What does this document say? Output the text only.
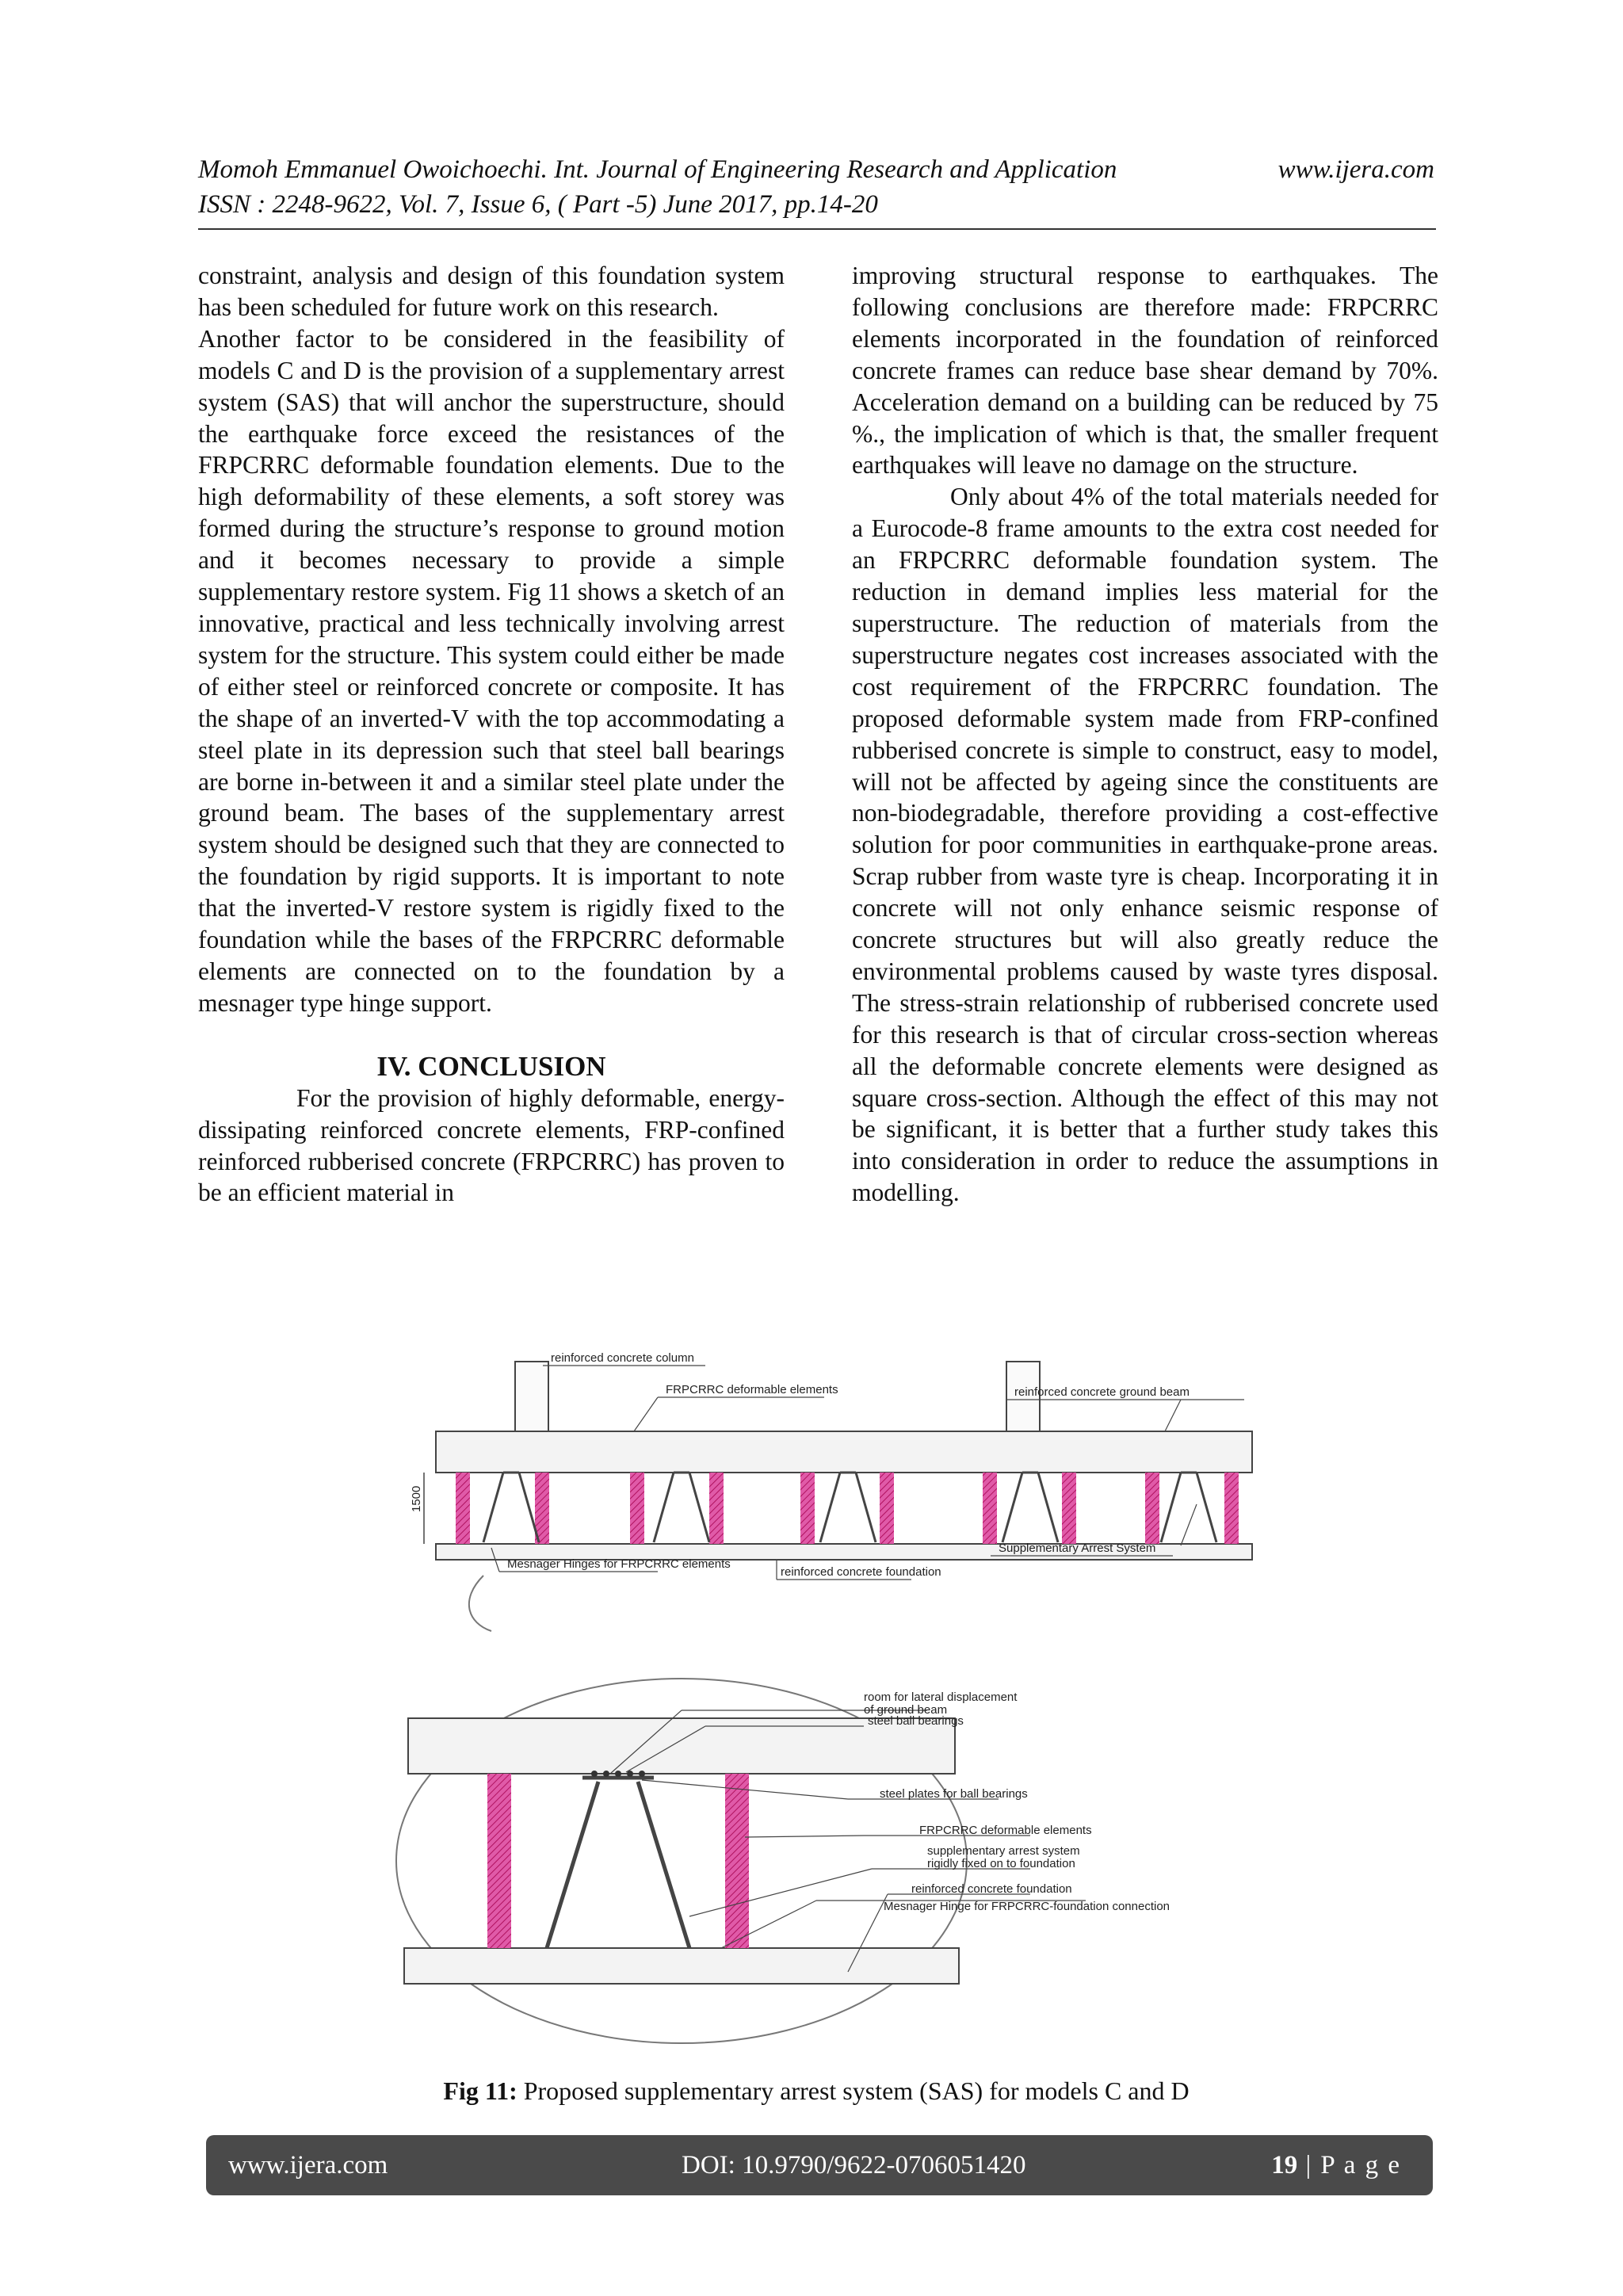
Momoh Emmanuel Owoichoechi. Int. Journal of Engineering Research and Application	www.ijera.com
ISSN : 2248-9622, Vol. 7, Issue 6, ( Part -5) June 2017, pp.14-20

constraint, analysis and design of this foundation system has been scheduled for future work on this research.

Another factor to be considered in the feasibility of models C and D is the provision of a supplementary arrest system (SAS) that will anchor the superstructure, should the earthquake force exceed the resistances of the FRPCRRC deformable foundation elements. Due to the high deformability of these elements, a soft storey was formed during the structure’s response to ground motion and it becomes necessary to provide a simple supplementary restore system. Fig 11 shows a sketch of an innovative, practical and less technically involving arrest system for the structure. This system could either be made of either steel or reinforced concrete or composite. It has the shape of an inverted-V with the top accommodating a steel plate in its depression such that steel ball bearings are borne in-between it and a similar steel plate under the ground beam. The bases of the supplementary arrest system should be designed such that they are connected to the foundation by rigid supports. It is important to note that the inverted-V restore system is rigidly fixed to the foundation while the bases of the FRPCRRC deformable elements are connected on to the foundation by a mesnager type hinge support.

IV. CONCLUSION

For the provision of highly deformable, energy-dissipating reinforced concrete elements, FRP-confined reinforced rubberised concrete (FRPCRRC) has proven to be an efficient material in

improving structural response to earthquakes. The following conclusions are therefore made: FRPCRRC elements incorporated in the foundation of reinforced concrete frames can reduce base shear demand by 70%. Acceleration demand on a building can be reduced by 75 %., the implication of which is that, the smaller frequent earthquakes will leave no damage on the structure.

Only about 4% of the total materials needed for a Eurocode-8 frame amounts to the extra cost needed for an FRPCRRC deformable foundation system. The reduction in demand implies less material for the superstructure. The reduction of materials from the superstructure negates cost increases associated with the cost requirement of the FRPCRRC foundation. The proposed deformable system made from FRP-confined rubberised concrete is simple to construct, easy to model, will not be affected by ageing since the constituents are non-biodegradable, therefore providing a cost-effective solution for poor communities in earthquake-prone areas. Scrap rubber from waste tyre is cheap. Incorporating it in concrete will not only enhance seismic response of concrete structures but will also greatly reduce the environmental problems caused by waste tyres disposal. The stress-strain relationship of rubberised concrete used for this research is that of circular cross-section whereas all the deformable concrete elements were designed as square cross-section. Although the effect of this may not be significant, it is better that a further study takes this into consideration in order to reduce the assumptions in modelling.

1500
reinforced concrete column
FRPCRRC deformable elements	reinforced concrete ground beam
Supplementary Arrest System
Mesnager Hinges for FRPCRRC elements
reinforced concrete foundation
room for lateral displacement
of ground beam
steel ball bearings
steel plates for ball bearings
FRPCRRC deformable elements
supplementary arrest system
rigidly fixed on to foundation
reinforced concrete foundation
Mesnager Hinge for FRPCRRC-foundation connection
Fig 11: Proposed supplementary arrest system (SAS) for models C and D
www.ijera.com	DOI: 10.9790/9622-0706051420	19 | P a g e
